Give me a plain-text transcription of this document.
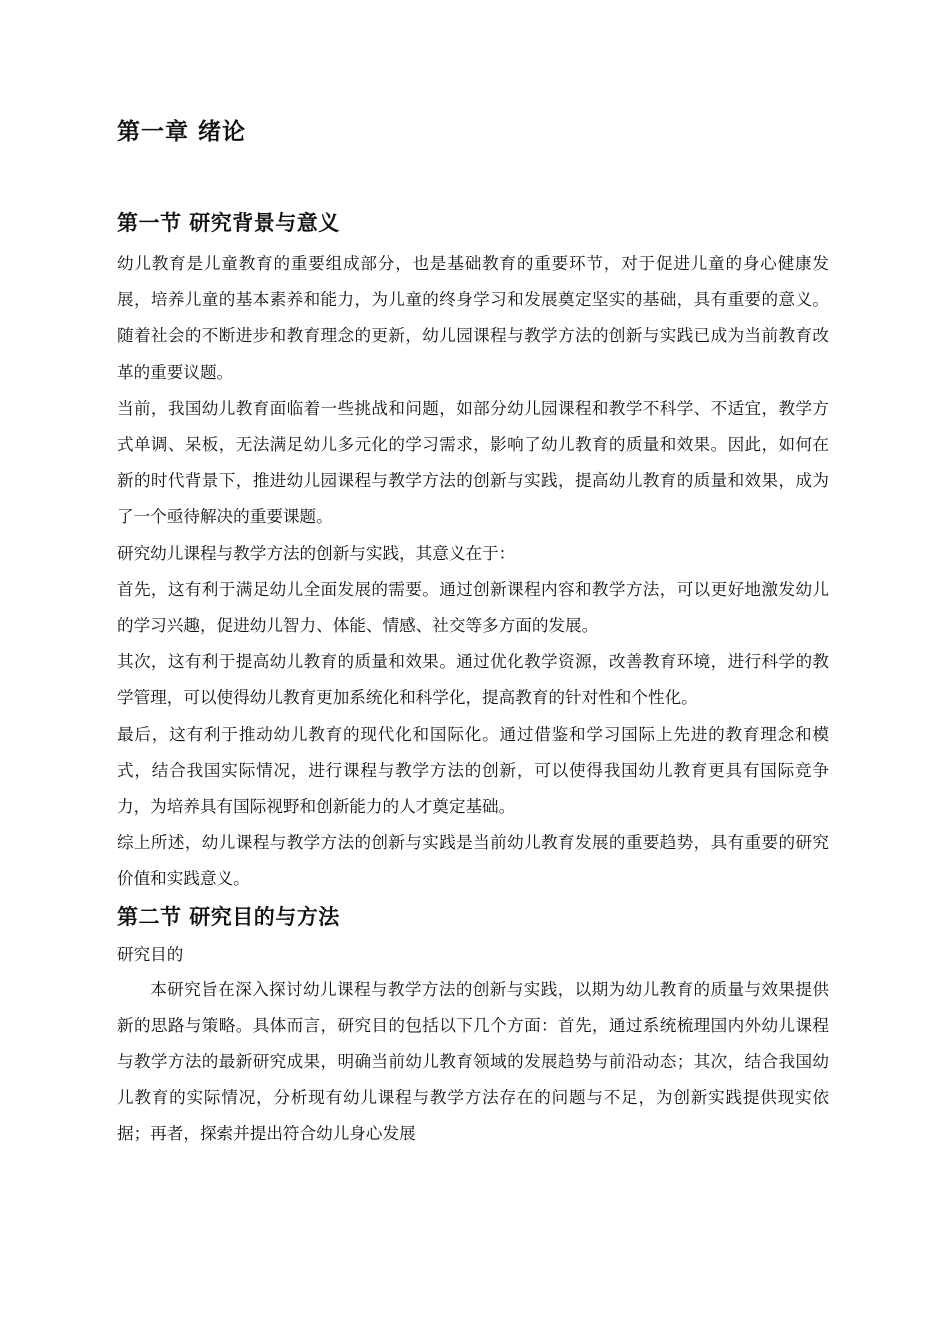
第一章 绪论
第一节 研究背景与意义

幼儿教育是儿童教育的重要组成部分，也是基础教育的重要环节，对于促进儿童的身心健康发展，培养儿童的基本素养和能力，为儿童的终身学习和发展奠定坚实的基础，具有重要的意义。随着社会的不断进步和教育理念的更新，幼儿园课程与教学方法的创新与实践已成为当前教育改革的重要议题。

当前，我国幼儿教育面临着一些挑战和问题，如部分幼儿园课程和教学不科学、不适宜，教学方式单调、呆板，无法满足幼儿多元化的学习需求，影响了幼儿教育的质量和效果。因此，如何在新的时代背景下，推进幼儿园课程与教学方法的创新与实践，提高幼儿教育的质量和效果，成为了一个亟待解决的重要课题。

研究幼儿课程与教学方法的创新与实践，其意义在于：

首先，这有利于满足幼儿全面发展的需要。通过创新课程内容和教学方法，可以更好地激发幼儿的学习兴趣，促进幼儿智力、体能、情感、社交等多方面的发展。

其次，这有利于提高幼儿教育的质量和效果。通过优化教学资源，改善教育环境，进行科学的教学管理，可以使得幼儿教育更加系统化和科学化，提高教育的针对性和个性化。

最后，这有利于推动幼儿教育的现代化和国际化。通过借鉴和学习国际上先进的教育理念和模式，结合我国实际情况，进行课程与教学方法的创新，可以使得我国幼儿教育更具有国际竞争力，为培养具有国际视野和创新能力的人才奠定基础。

综上所述，幼儿课程与教学方法的创新与实践是当前幼儿教育发展的重要趋势，具有重要的研究价值和实践意义。

第二节 研究目的与方法

研究目的

本研究旨在深入探讨幼儿课程与教学方法的创新与实践，以期为幼儿教育的质量与效果提供新的思路与策略。具体而言，研究目的包括以下几个方面：首先，通过系统梳理国内外幼儿课程与教学方法的最新研究成果，明确当前幼儿教育领域的发展趋势与前沿动态；其次，结合我国幼儿教育的实际情况，分析现有幼儿课程与教学方法存在的问题与不足，为创新实践提供现实依据；再者，探索并提出符合幼儿身心发展
